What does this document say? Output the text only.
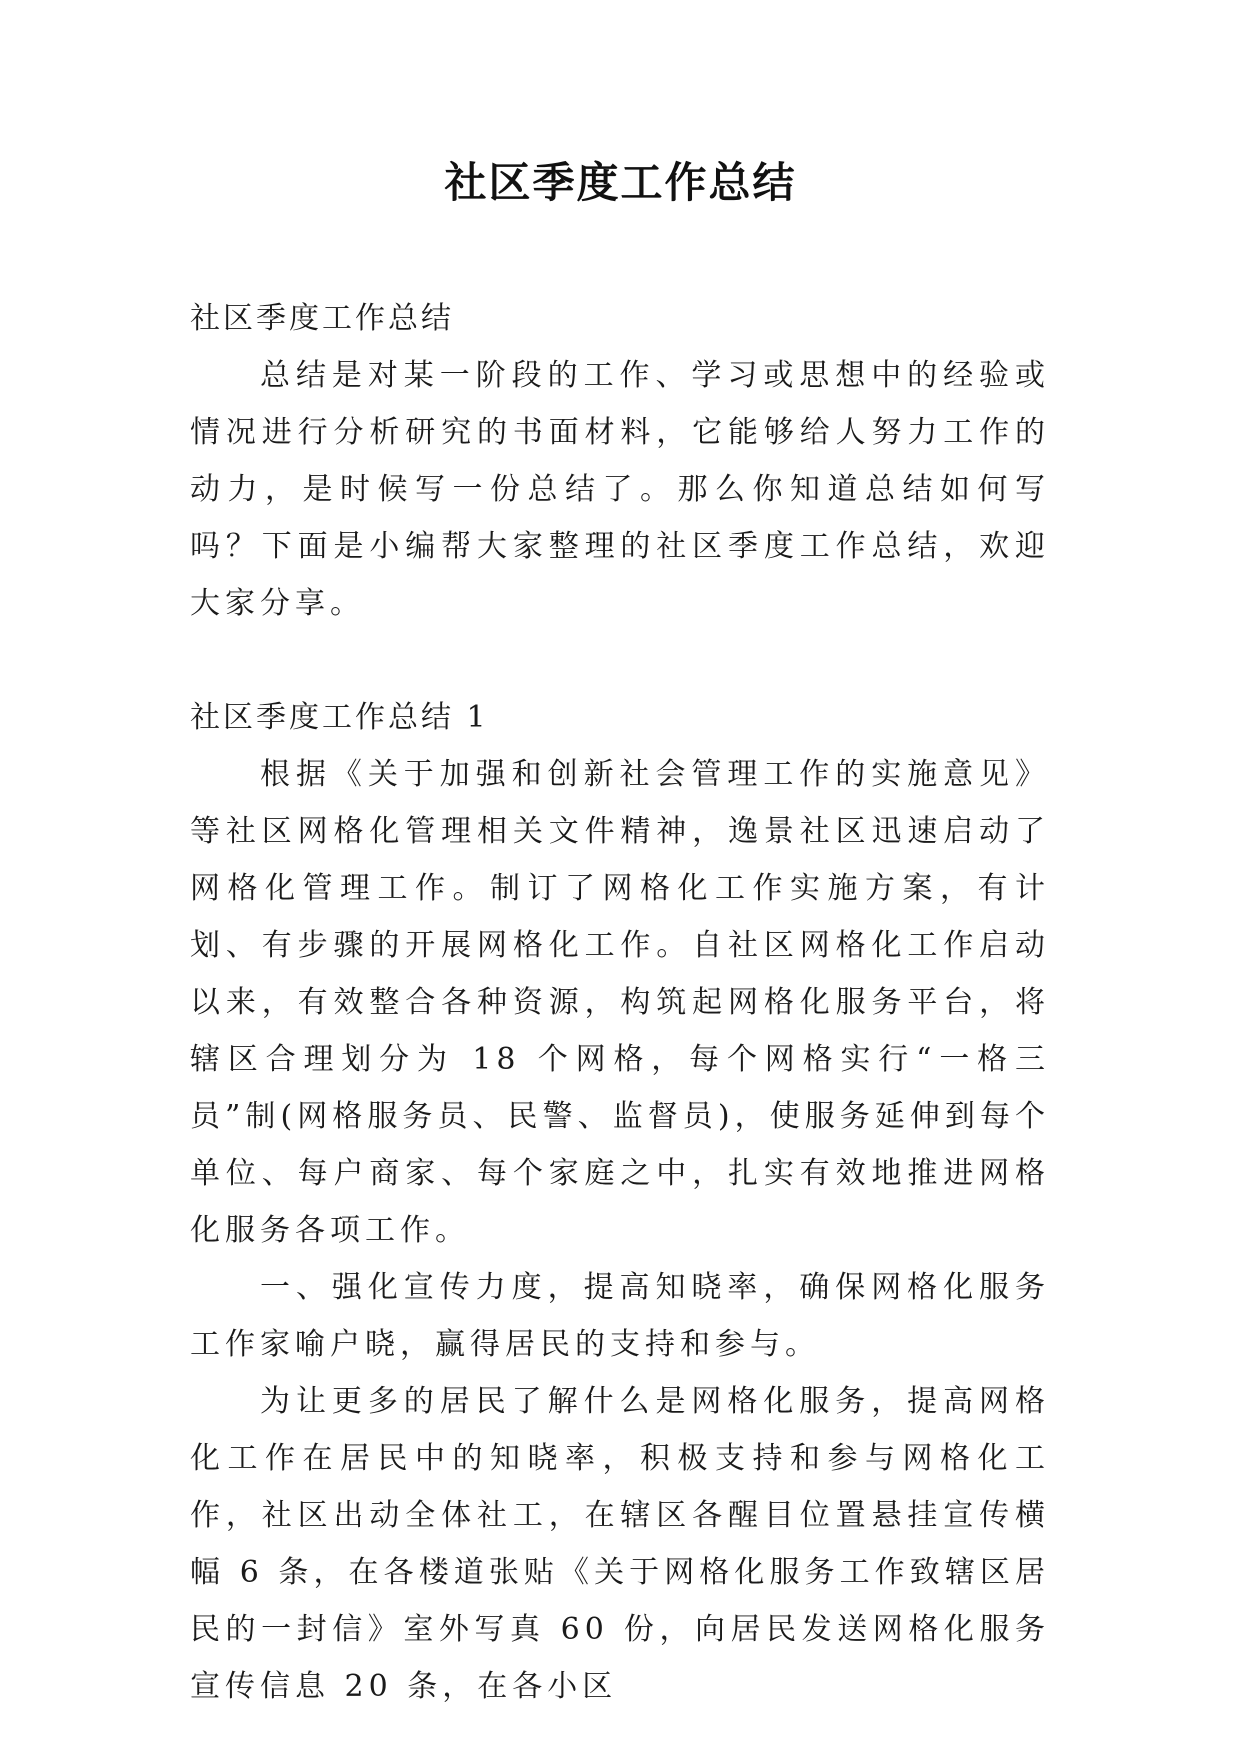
社区季度工作总结

社区季度工作总结

总结是对某一阶段的工作、学习或思想中的经验或情况进行分析研究的书面材料，它能够给人努力工作的动力，是时候写一份总结了。那么你知道总结如何写吗？下面是小编帮大家整理的社区季度工作总结，欢迎大家分享。

社区季度工作总结 1

根据《关于加强和创新社会管理工作的实施意见》等社区网格化管理相关文件精神，逸景社区迅速启动了网格化管理工作。制订了网格化工作实施方案，有计划、有步骤的开展网格化工作。自社区网格化工作启动以来，有效整合各种资源，构筑起网格化服务平台，将辖区合理划分为 18 个网格，每个网格实行“一格三员”制(网格服务员、民警、监督员)，使服务延伸到每个单位、每户商家、每个家庭之中，扎实有效地推进网格化服务各项工作。

一、强化宣传力度，提高知晓率，确保网格化服务工作家喻户晓，赢得居民的支持和参与。

为让更多的居民了解什么是网格化服务，提高网格化工作在居民中的知晓率，积极支持和参与网格化工作，社区出动全体社工，在辖区各醒目位置悬挂宣传横幅 6 条，在各楼道张贴《关于网格化服务工作致辖区居民的一封信》室外写真 60 份，向居民发送网格化服务宣传信息 20 条，在各小区
